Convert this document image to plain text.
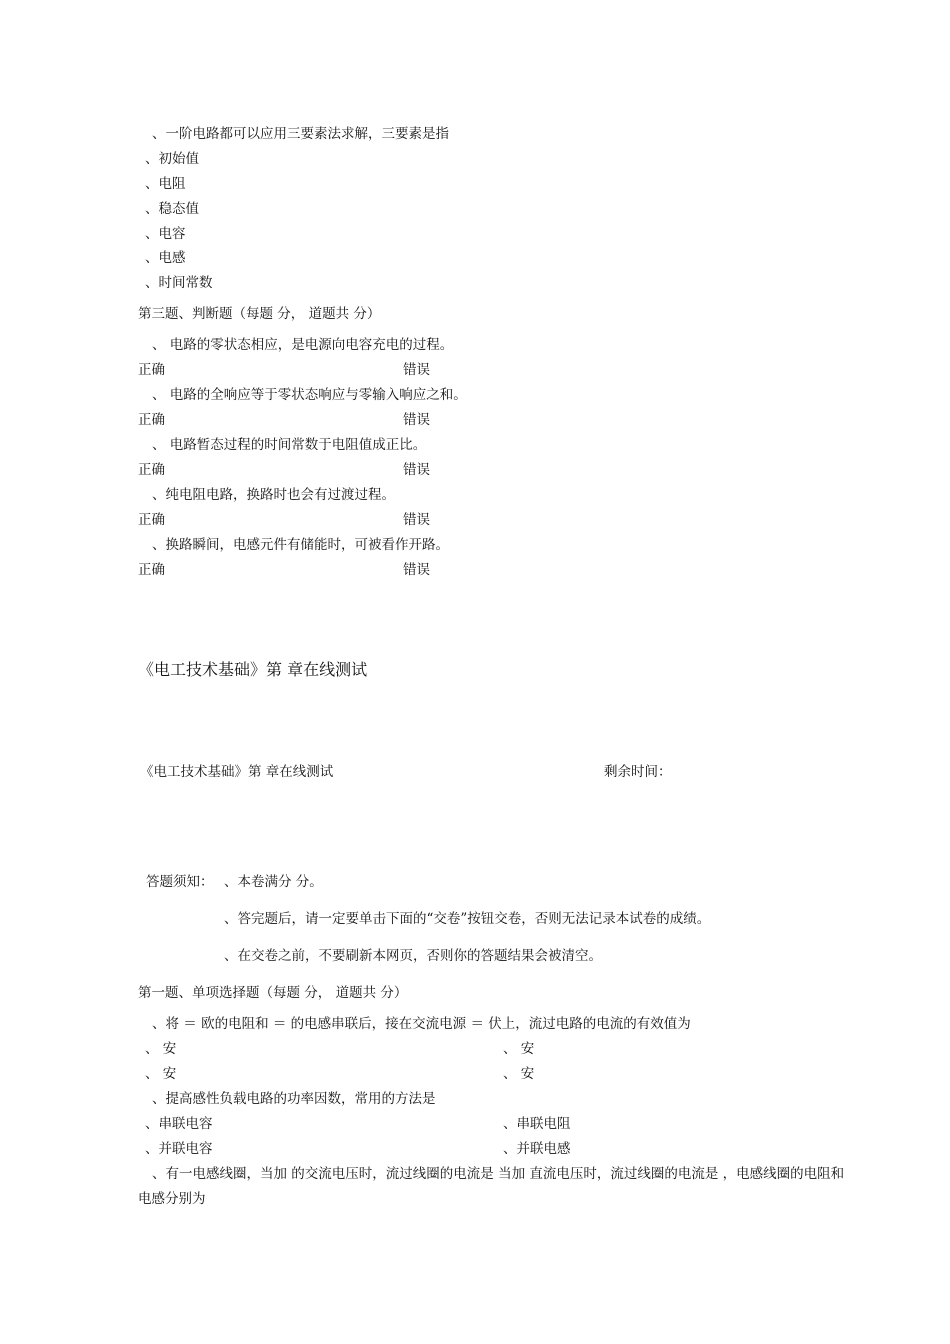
、一阶电路都可以应用三要素法求解，三要素是指
、初始值
、电阻
、稳态值
、电容
、电感
、时间常数
第三题、判断题（每题 分， 道题共 分）
、 电路的零状态相应，是电源向电容充电的过程。
正确	错误
、 电路的全响应等于零状态响应与零输入响应之和。
正确	错误
、 电路暂态过程的时间常数于电阻值成正比。
正确	错误
、纯电阻电路，换路时也会有过渡过程。
正确	错误
、换路瞬间，电感元件有储能时，可被看作开路。
正确	错误
《电工技术基础》第 章在线测试
《电工技术基础》第 章在线测试	剩余时间：
答题须知： 、本卷满分 分。
、答完题后，请一定要单击下面的“交卷”按钮交卷，否则无法记录本试卷的成绩。
、在交卷之前，不要刷新本网页，否则你的答题结果会被清空。
第一题、单项选择题（每题 分， 道题共 分）
、将 ＝ 欧的电阻和 ＝ 的电感串联后，接在交流电源 ＝ 伏上，流过电路的电流的有效值为
、 安	、 安
、 安	、 安
、提高感性负载电路的功率因数，常用的方法是
、串联电容	、串联电阻
、并联电容	、并联电感
、有一电感线圈，当加 的交流电压时，流过线圈的电流是 当加 直流电压时，流过线圈的电流是 ，电感线圈的电阻和
电感分别为
